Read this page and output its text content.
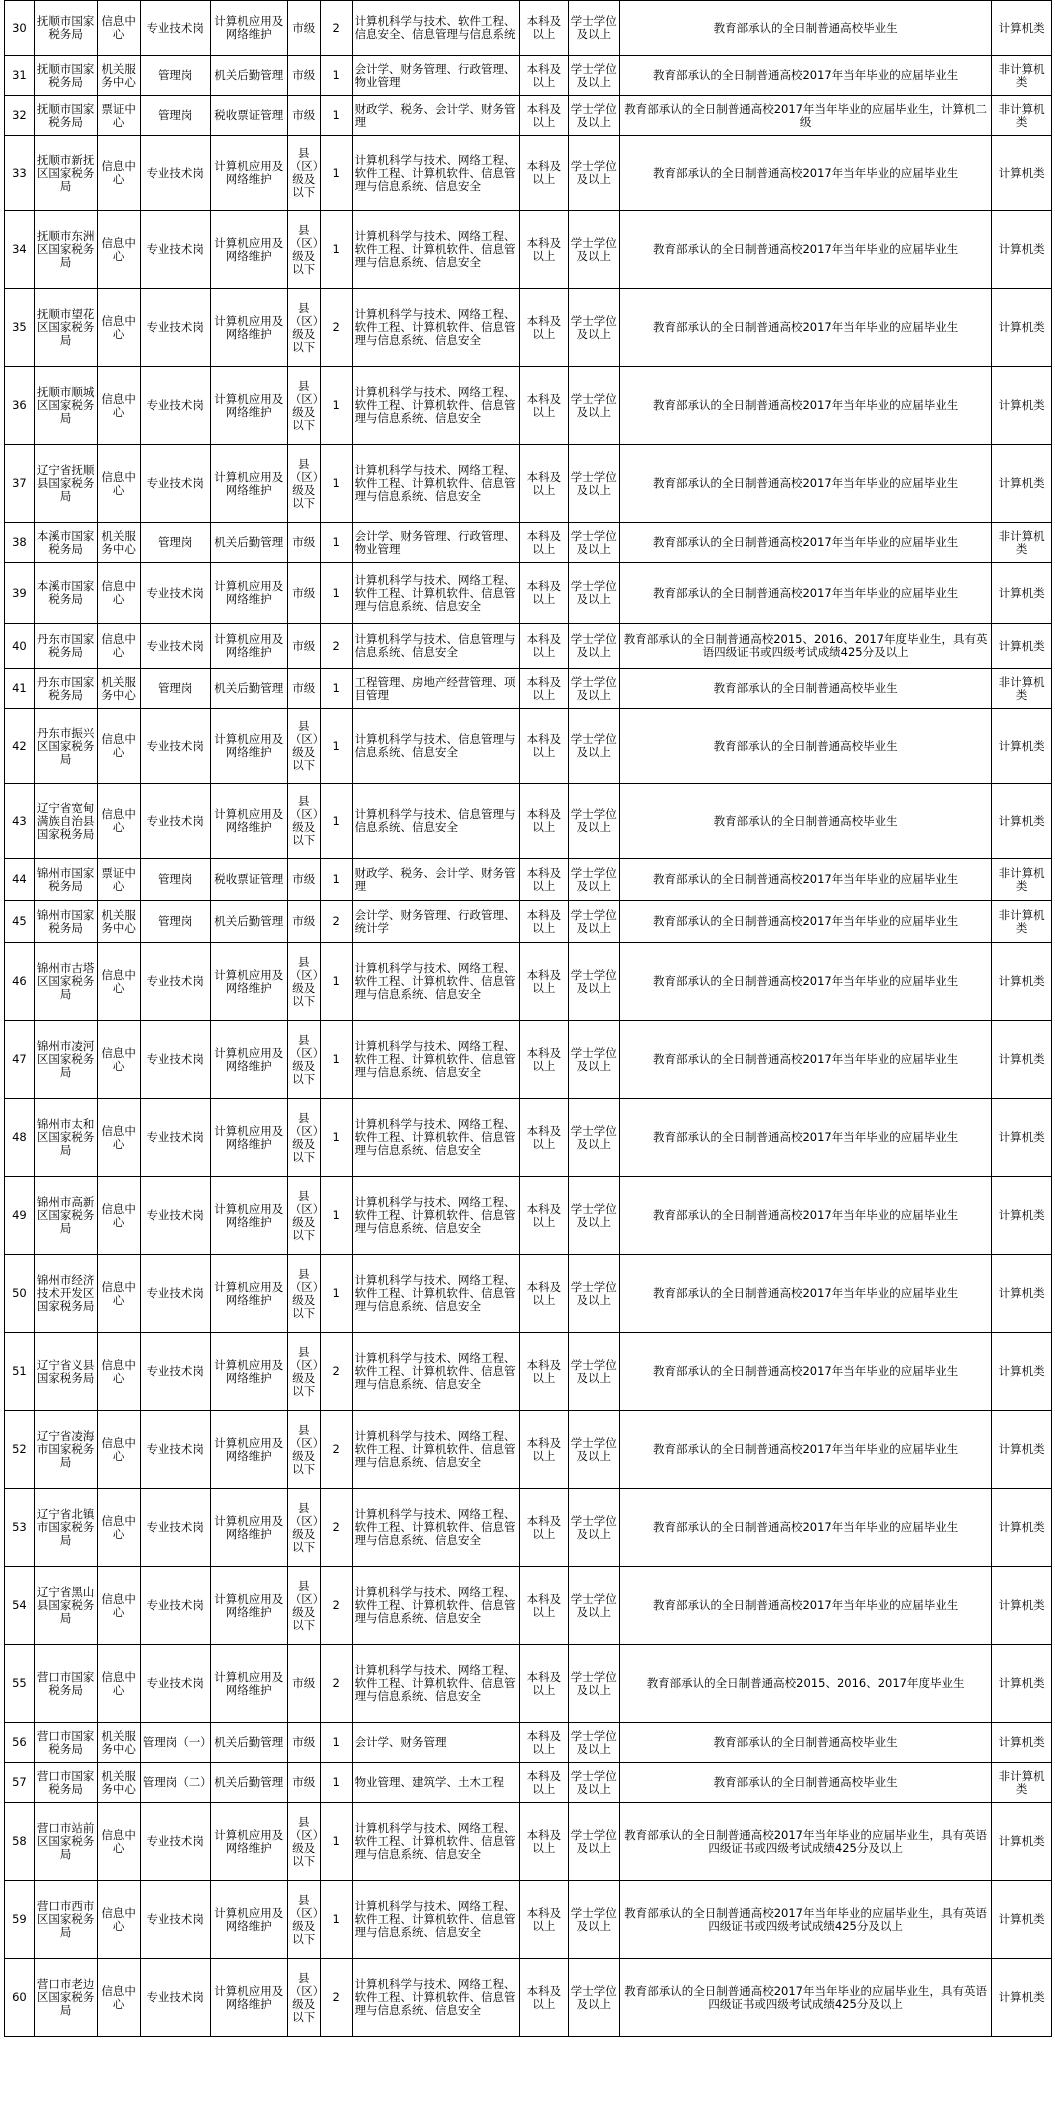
30	抚顺市国家税务局	信息中心	专业技术岗	计算机应用及网络维护	市级	2	计算机科学与技术、软件工程、信息安全、信息管理与信息系统	本科及以上	学士学位及以上	教育部承认的全日制普通高校毕业生	计算机类
31	抚顺市国家税务局	机关服务中心	管理岗	机关后勤管理	市级	1	会计学、财务管理、行政管理、物业管理	本科及以上	学士学位及以上	教育部承认的全日制普通高校2017年当年毕业的应届毕业生	非计算机类
32	抚顺市国家税务局	票证中心	管理岗	税收票证管理	市级	1	财政学、税务、会计学、财务管理	本科及以上	学士学位及以上	教育部承认的全日制普通高校2017年当年毕业的应届毕业生，计算机二级	非计算机类
33	抚顺市新抚区国家税务局	信息中心	专业技术岗	计算机应用及网络维护	县（区）级及以下	1	计算机科学与技术、网络工程、软件工程、计算机软件、信息管理与信息系统、信息安全	本科及以上	学士学位及以上	教育部承认的全日制普通高校2017年当年毕业的应届毕业生	计算机类
34	抚顺市东洲区国家税务局	信息中心	专业技术岗	计算机应用及网络维护	县（区）级及以下	1	计算机科学与技术、网络工程、软件工程、计算机软件、信息管理与信息系统、信息安全	本科及以上	学士学位及以上	教育部承认的全日制普通高校2017年当年毕业的应届毕业生	计算机类
35	抚顺市望花区国家税务局	信息中心	专业技术岗	计算机应用及网络维护	县（区）级及以下	2	计算机科学与技术、网络工程、软件工程、计算机软件、信息管理与信息系统、信息安全	本科及以上	学士学位及以上	教育部承认的全日制普通高校2017年当年毕业的应届毕业生	计算机类
36	抚顺市顺城区国家税务局	信息中心	专业技术岗	计算机应用及网络维护	县（区）级及以下	1	计算机科学与技术、网络工程、软件工程、计算机软件、信息管理与信息系统、信息安全	本科及以上	学士学位及以上	教育部承认的全日制普通高校2017年当年毕业的应届毕业生	计算机类
37	辽宁省抚顺县国家税务局	信息中心	专业技术岗	计算机应用及网络维护	县（区）级及以下	1	计算机科学与技术、网络工程、软件工程、计算机软件、信息管理与信息系统、信息安全	本科及以上	学士学位及以上	教育部承认的全日制普通高校2017年当年毕业的应届毕业生	计算机类
38	本溪市国家税务局	机关服务中心	管理岗	机关后勤管理	市级	1	会计学、财务管理、行政管理、物业管理	本科及以上	学士学位及以上	教育部承认的全日制普通高校2017年当年毕业的应届毕业生	非计算机类
39	本溪市国家税务局	信息中心	专业技术岗	计算机应用及网络维护	市级	1	计算机科学与技术、网络工程、软件工程、计算机软件、信息管理与信息系统、信息安全	本科及以上	学士学位及以上	教育部承认的全日制普通高校2017年当年毕业的应届毕业生	计算机类
40	丹东市国家税务局	信息中心	专业技术岗	计算机应用及网络维护	市级	2	计算机科学与技术、信息管理与信息系统、信息安全	本科及以上	学士学位及以上	教育部承认的全日制普通高校2015、2016、2017年度毕业生，具有英语四级证书或四级考试成绩425分及以上	计算机类
41	丹东市国家税务局	机关服务中心	管理岗	机关后勤管理	市级	1	工程管理、房地产经营管理、项目管理	本科及以上	学士学位及以上	教育部承认的全日制普通高校毕业生	非计算机类
42	丹东市振兴区国家税务局	信息中心	专业技术岗	计算机应用及网络维护	县（区）级及以下	1	计算机科学与技术、信息管理与信息系统、信息安全	本科及以上	学士学位及以上	教育部承认的全日制普通高校毕业生	计算机类
43	辽宁省宽甸满族自治县国家税务局	信息中心	专业技术岗	计算机应用及网络维护	县（区）级及以下	1	计算机科学与技术、信息管理与信息系统、信息安全	本科及以上	学士学位及以上	教育部承认的全日制普通高校毕业生	计算机类
44	锦州市国家税务局	票证中心	管理岗	税收票证管理	市级	1	财政学、税务、会计学、财务管理	本科及以上	学士学位及以上	教育部承认的全日制普通高校2017年当年毕业的应届毕业生	非计算机类
45	锦州市国家税务局	机关服务中心	管理岗	机关后勤管理	市级	2	会计学、财务管理、行政管理、统计学	本科及以上	学士学位及以上	教育部承认的全日制普通高校2017年当年毕业的应届毕业生	非计算机类
46	锦州市古塔区国家税务局	信息中心	专业技术岗	计算机应用及网络维护	县（区）级及以下	1	计算机科学与技术、网络工程、软件工程、计算机软件、信息管理与信息系统、信息安全	本科及以上	学士学位及以上	教育部承认的全日制普通高校2017年当年毕业的应届毕业生	计算机类
47	锦州市凌河区国家税务局	信息中心	专业技术岗	计算机应用及网络维护	县（区）级及以下	1	计算机科学与技术、网络工程、软件工程、计算机软件、信息管理与信息系统、信息安全	本科及以上	学士学位及以上	教育部承认的全日制普通高校2017年当年毕业的应届毕业生	计算机类
48	锦州市太和区国家税务局	信息中心	专业技术岗	计算机应用及网络维护	县（区）级及以下	1	计算机科学与技术、网络工程、软件工程、计算机软件、信息管理与信息系统、信息安全	本科及以上	学士学位及以上	教育部承认的全日制普通高校2017年当年毕业的应届毕业生	计算机类
49	锦州市高新区国家税务局	信息中心	专业技术岗	计算机应用及网络维护	县（区）级及以下	1	计算机科学与技术、网络工程、软件工程、计算机软件、信息管理与信息系统、信息安全	本科及以上	学士学位及以上	教育部承认的全日制普通高校2017年当年毕业的应届毕业生	计算机类
50	锦州市经济技术开发区国家税务局	信息中心	专业技术岗	计算机应用及网络维护	县（区）级及以下	1	计算机科学与技术、网络工程、软件工程、计算机软件、信息管理与信息系统、信息安全	本科及以上	学士学位及以上	教育部承认的全日制普通高校2017年当年毕业的应届毕业生	计算机类
51	辽宁省义县国家税务局	信息中心	专业技术岗	计算机应用及网络维护	县（区）级及以下	2	计算机科学与技术、网络工程、软件工程、计算机软件、信息管理与信息系统、信息安全	本科及以上	学士学位及以上	教育部承认的全日制普通高校2017年当年毕业的应届毕业生	计算机类
52	辽宁省凌海市国家税务局	信息中心	专业技术岗	计算机应用及网络维护	县（区）级及以下	2	计算机科学与技术、网络工程、软件工程、计算机软件、信息管理与信息系统、信息安全	本科及以上	学士学位及以上	教育部承认的全日制普通高校2017年当年毕业的应届毕业生	计算机类
53	辽宁省北镇市国家税务局	信息中心	专业技术岗	计算机应用及网络维护	县（区）级及以下	2	计算机科学与技术、网络工程、软件工程、计算机软件、信息管理与信息系统、信息安全	本科及以上	学士学位及以上	教育部承认的全日制普通高校2017年当年毕业的应届毕业生	计算机类
54	辽宁省黑山县国家税务局	信息中心	专业技术岗	计算机应用及网络维护	县（区）级及以下	2	计算机科学与技术、网络工程、软件工程、计算机软件、信息管理与信息系统、信息安全	本科及以上	学士学位及以上	教育部承认的全日制普通高校2017年当年毕业的应届毕业生	计算机类
55	营口市国家税务局	信息中心	专业技术岗	计算机应用及网络维护	市级	2	计算机科学与技术、网络工程、软件工程、计算机软件、信息管理与信息系统、信息安全	本科及以上	学士学位及以上	教育部承认的全日制普通高校2015、2016、2017年度毕业生	计算机类
56	营口市国家税务局	机关服务中心	管理岗（一）	机关后勤管理	市级	1	会计学、财务管理	本科及以上	学士学位及以上	教育部承认的全日制普通高校毕业生	计算机类
57	营口市国家税务局	机关服务中心	管理岗（二）	机关后勤管理	市级	1	物业管理、建筑学、土木工程	本科及以上	学士学位及以上	教育部承认的全日制普通高校毕业生	非计算机类
58	营口市站前区国家税务局	信息中心	专业技术岗	计算机应用及网络维护	县（区）级及以下	1	计算机科学与技术、网络工程、软件工程、计算机软件、信息管理与信息系统、信息安全	本科及以上	学士学位及以上	教育部承认的全日制普通高校2017年当年毕业的应届毕业生，具有英语四级证书或四级考试成绩425分及以上	计算机类
59	营口市西市区国家税务局	信息中心	专业技术岗	计算机应用及网络维护	县（区）级及以下	1	计算机科学与技术、网络工程、软件工程、计算机软件、信息管理与信息系统、信息安全	本科及以上	学士学位及以上	教育部承认的全日制普通高校2017年当年毕业的应届毕业生，具有英语四级证书或四级考试成绩425分及以上	计算机类
60	营口市老边区国家税务局	信息中心	专业技术岗	计算机应用及网络维护	县（区）级及以下	2	计算机科学与技术、网络工程、软件工程、计算机软件、信息管理与信息系统、信息安全	本科及以上	学士学位及以上	教育部承认的全日制普通高校2017年当年毕业的应届毕业生，具有英语四级证书或四级考试成绩425分及以上	计算机类
